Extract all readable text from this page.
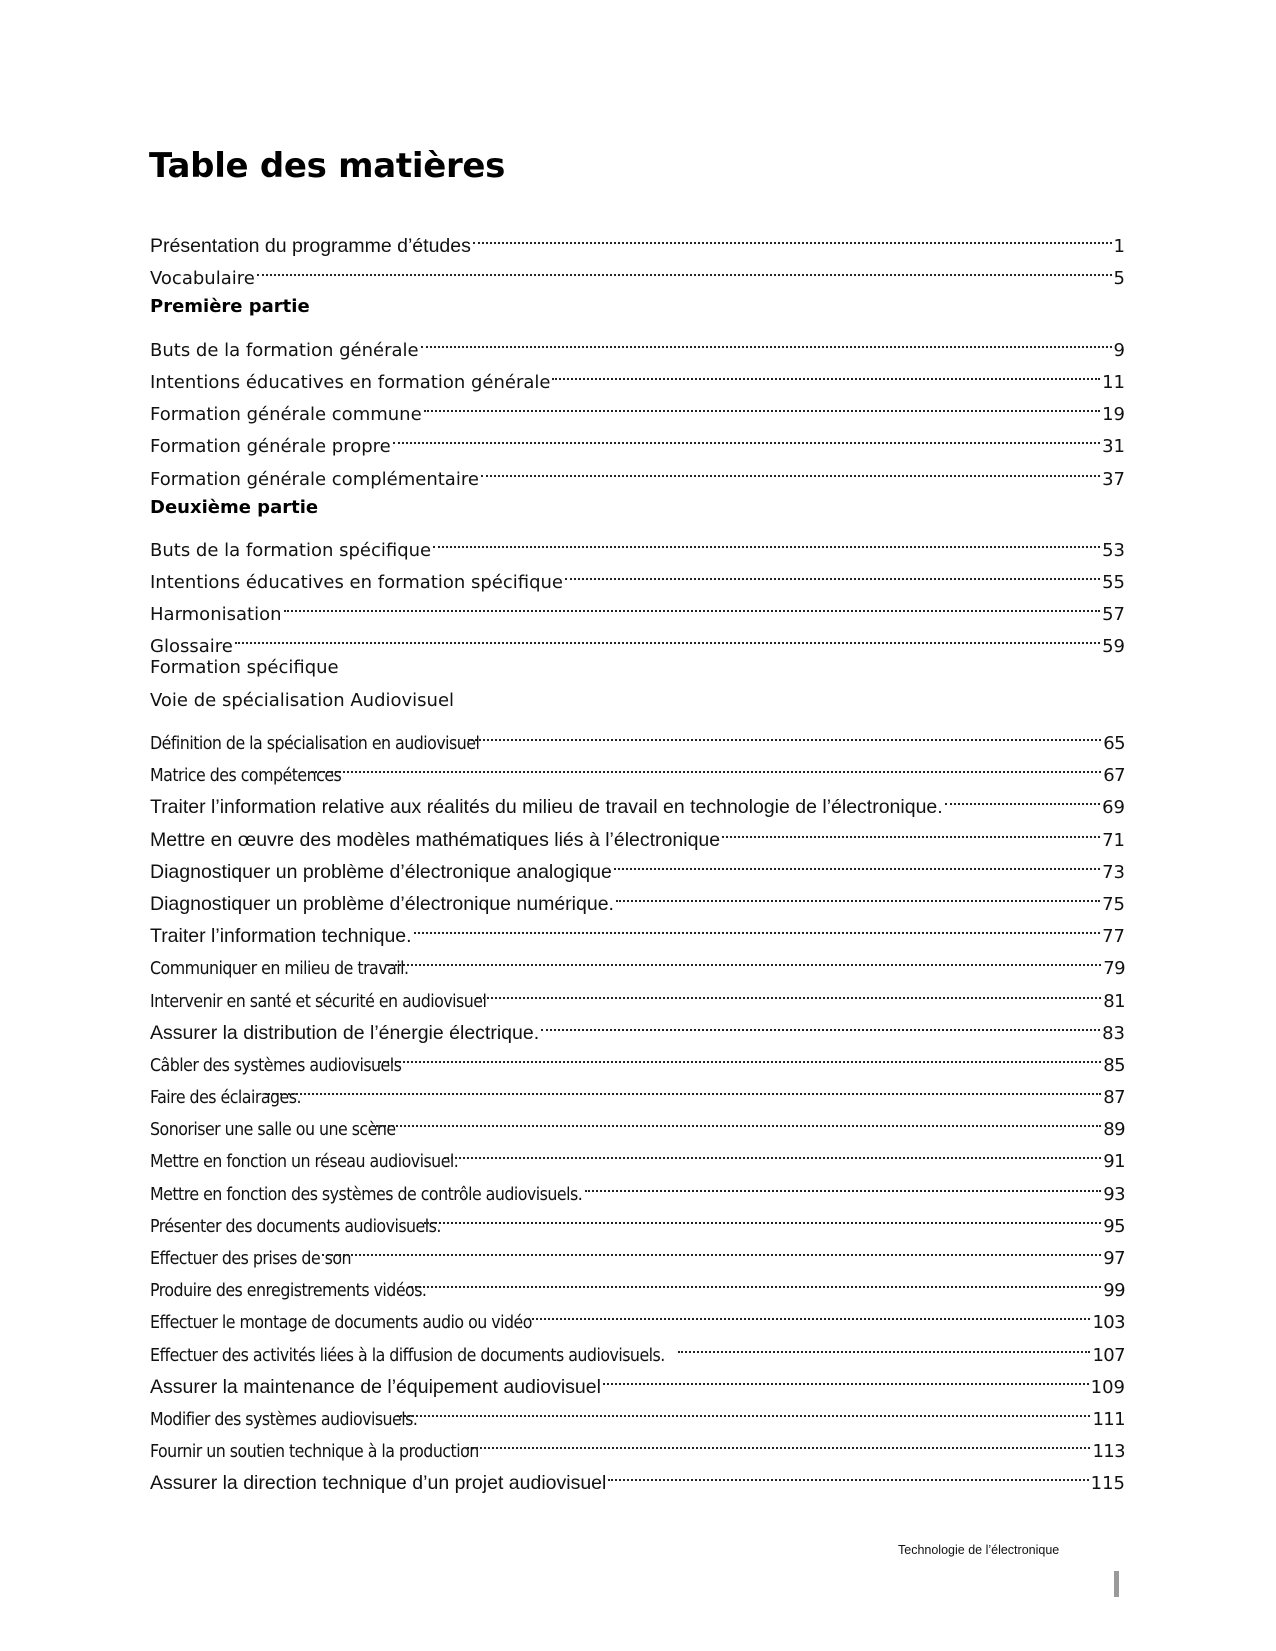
Table des matières
Présentation du programme d’études	1
Vocabulaire	5
Première partie
Buts de la formation générale	9
Intentions éducatives en formation générale	11
Formation générale commune	19
Formation générale propre	31
Formation générale complémentaire	37
Deuxième partie
Buts de la formation spécifique	53
Intentions éducatives en formation spécifique	55
Harmonisation	57
Glossaire	59
Formation spécifique
Voie de spécialisation Audiovisuel
Définition de la spécialisation en audiovisuel	65
Matrice des compétences	67
Traiter l’information relative aux réalités du milieu de travail en technologie de l’électronique.	69
Mettre en œuvre des modèles mathématiques liés à l’électronique	71
Diagnostiquer un problème d’électronique analogique	73
Diagnostiquer un problème d’électronique numérique.	75
Traiter l’information technique.	77
Communiquer en milieu de travail.	79
Intervenir en santé et sécurité en audiovisuel	81
Assurer la distribution de l’énergie électrique.	83
Câbler des systèmes audiovisuels	85
Faire des éclairages.	87
Sonoriser une salle ou une scène	89
Mettre en fonction un réseau audiovisuel.	91
Mettre en fonction des systèmes de contrôle audiovisuels.	93
Présenter des documents audiovisuels.	95
Effectuer des prises de son	97
Produire des enregistrements vidéos.	99
Effectuer le montage de documents audio ou vidéo	103
Effectuer des activités liées à la diffusion de documents audiovisuels.	107
Assurer la maintenance de l’équipement audiovisuel	109
Modifier des systèmes audiovisuels.	111
Fournir un soutien technique à la production	113
Assurer la direction technique d’un projet audiovisuel	115
Technologie de l’électronique
